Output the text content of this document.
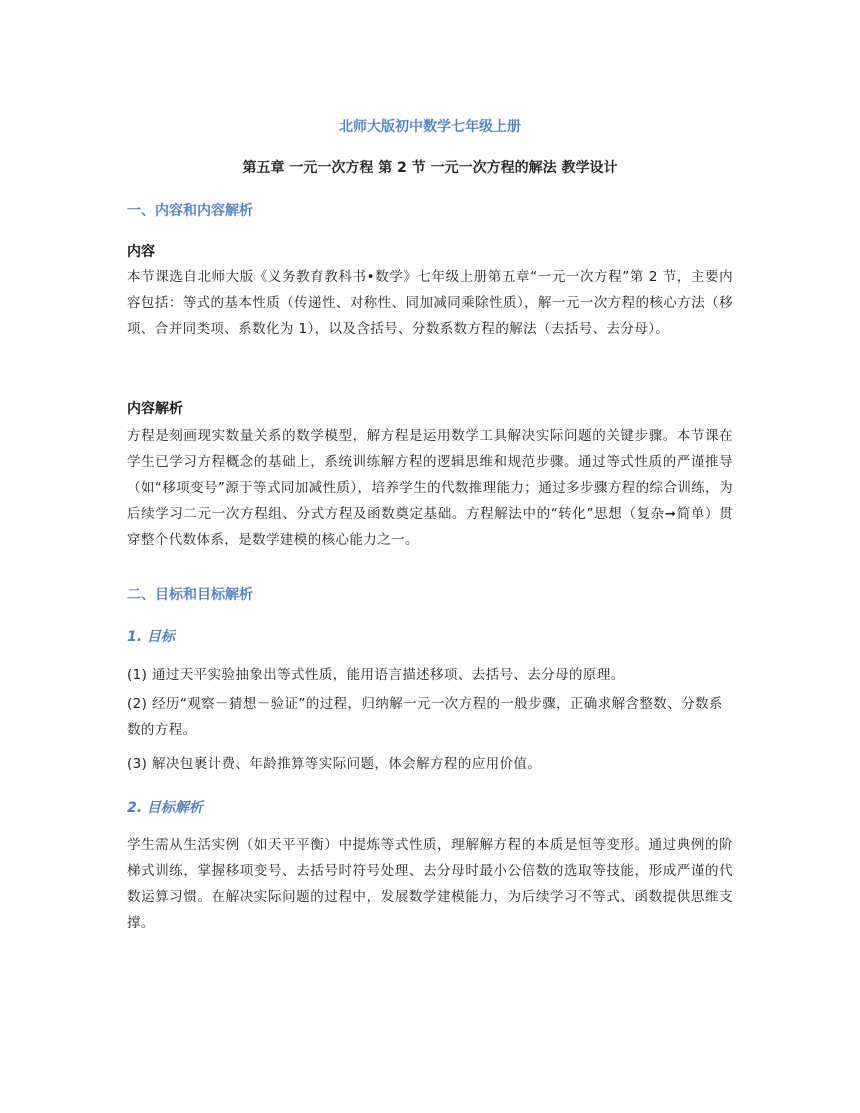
北师大版初中数学七年级上册
第五章 一元一次方程 第 2 节 一元一次方程的解法 教学设计
一、内容和内容解析
内容
本节课选自北师大版《义务教育教科书•数学》七年级上册第五章“一元一次方程”第 2 节，主要内容包括：等式的基本性质（传递性、对称性、同加减同乘除性质），解一元一次方程的核心方法（移项、合并同类项、系数化为 1），以及含括号、分数系数方程的解法（去括号、去分母）。
内容解析
方程是刻画现实数量关系的数学模型，解方程是运用数学工具解决实际问题的关键步骤。本节课在学生已学习方程概念的基础上，系统训练解方程的逻辑思维和规范步骤。通过等式性质的严谨推导（如“移项变号”源于等式同加减性质），培养学生的代数推理能力；通过多步骤方程的综合训练，为后续学习二元一次方程组、分式方程及函数奠定基础。方程解法中的“转化”思想（复杂➞简单）贯穿整个代数体系，是数学建模的核心能力之一。
二、目标和目标解析
1. 目标
(1) 通过天平实验抽象出等式性质，能用语言描述移项、去括号、去分母的原理。
(2) 经历“观察－猜想－验证”的过程，归纳解一元一次方程的一般步骤，正确求解含整数、分数系数的方程。
(3) 解决包裹计费、年龄推算等实际问题，体会解方程的应用价值。
2. 目标解析
学生需从生活实例（如天平平衡）中提炼等式性质，理解解方程的本质是恒等变形。通过典例的阶梯式训练，掌握移项变号、去括号时符号处理、去分母时最小公倍数的选取等技能，形成严谨的代数运算习惯。在解决实际问题的过程中，发展数学建模能力，为后续学习不等式、函数提供思维支撑。
